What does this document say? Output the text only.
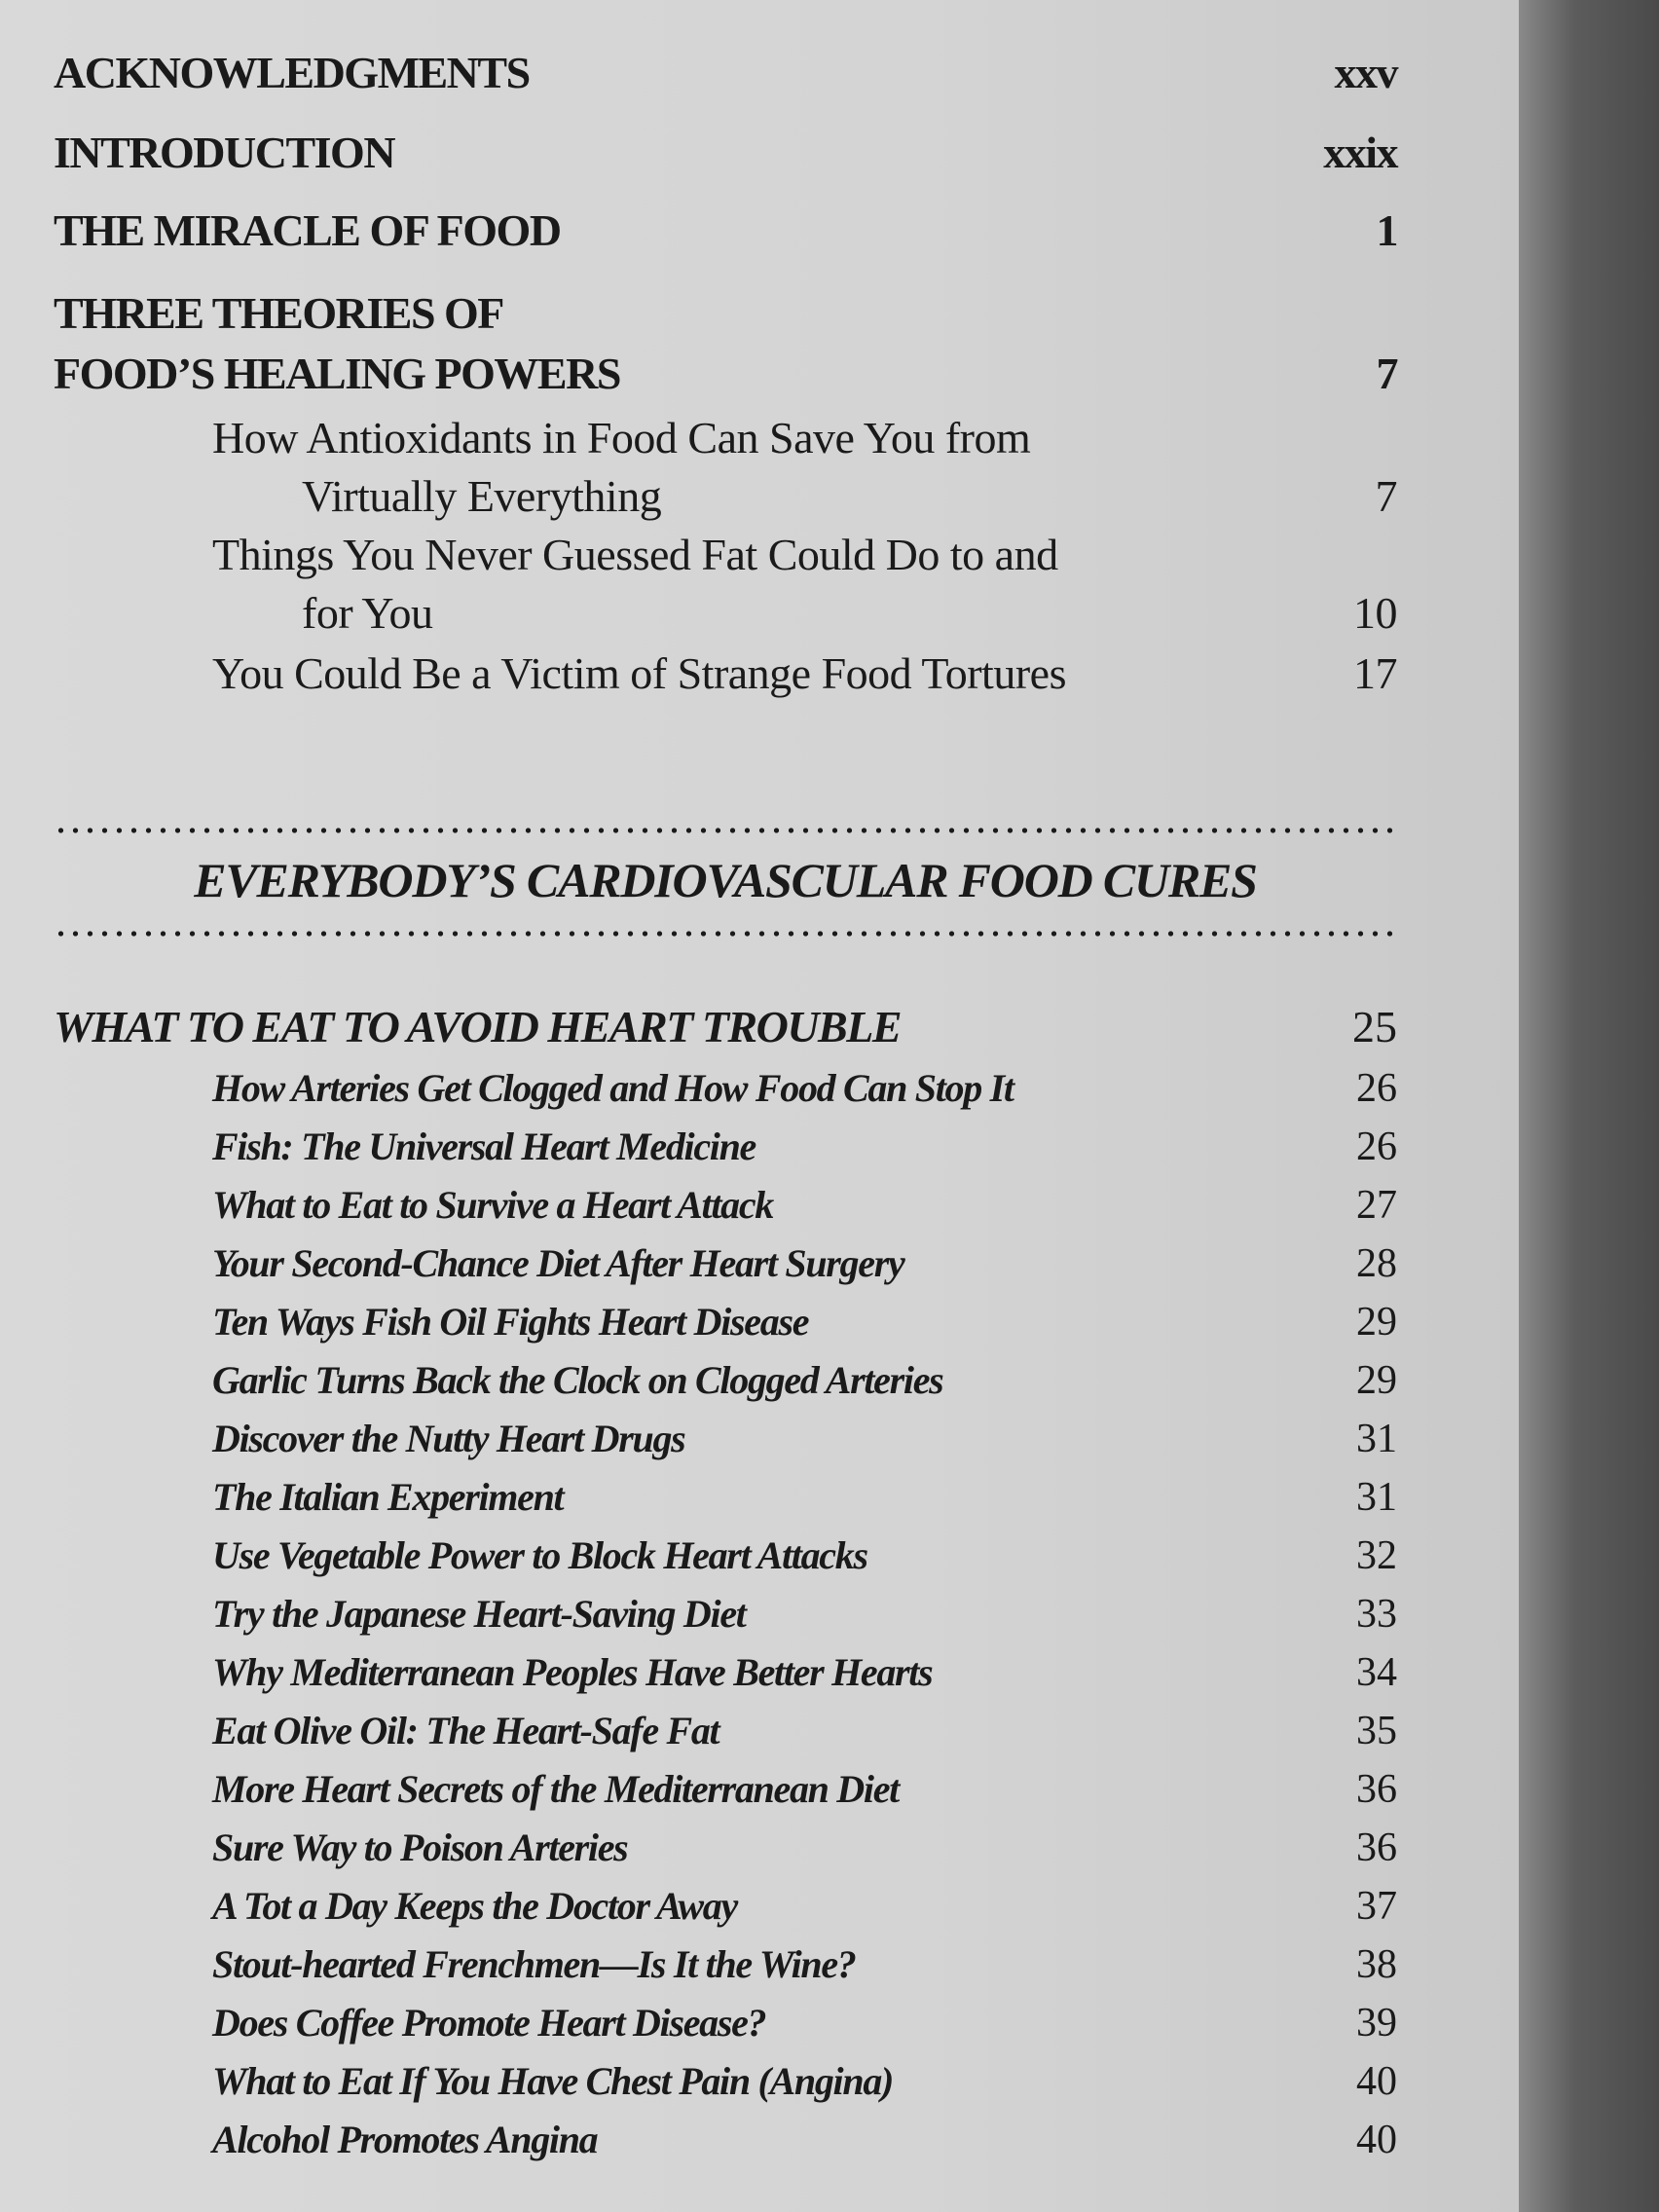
ACKNOWLEDGMENTS	xxv
INTRODUCTION	xxix
THE MIRACLE OF FOOD	1
THREE THEORIES OF
FOOD’S HEALING POWERS	7
How Antioxidants in Food Can Save You from
Virtually Everything	7
Things You Never Guessed Fat Could Do to and
for You	10
You Could Be a Victim of Strange Food Tortures	17
EVERYBODY’S CARDIOVASCULAR FOOD CURES
WHAT TO EAT TO AVOID HEART TROUBLE	25
How Arteries Get Clogged and How Food Can Stop It	26
Fish: The Universal Heart Medicine	26
What to Eat to Survive a Heart Attack	27
Your Second-Chance Diet After Heart Surgery	28
Ten Ways Fish Oil Fights Heart Disease	29
Garlic Turns Back the Clock on Clogged Arteries	29
Discover the Nutty Heart Drugs	31
The Italian Experiment	31
Use Vegetable Power to Block Heart Attacks	32
Try the Japanese Heart-Saving Diet	33
Why Mediterranean Peoples Have Better Hearts	34
Eat Olive Oil: The Heart-Safe Fat	35
More Heart Secrets of the Mediterranean Diet	36
Sure Way to Poison Arteries	36
A Tot a Day Keeps the Doctor Away	37
Stout-hearted Frenchmen—Is It the Wine?	38
Does Coffee Promote Heart Disease?	39
What to Eat If You Have Chest Pain (Angina)	40
Alcohol Promotes Angina	40
